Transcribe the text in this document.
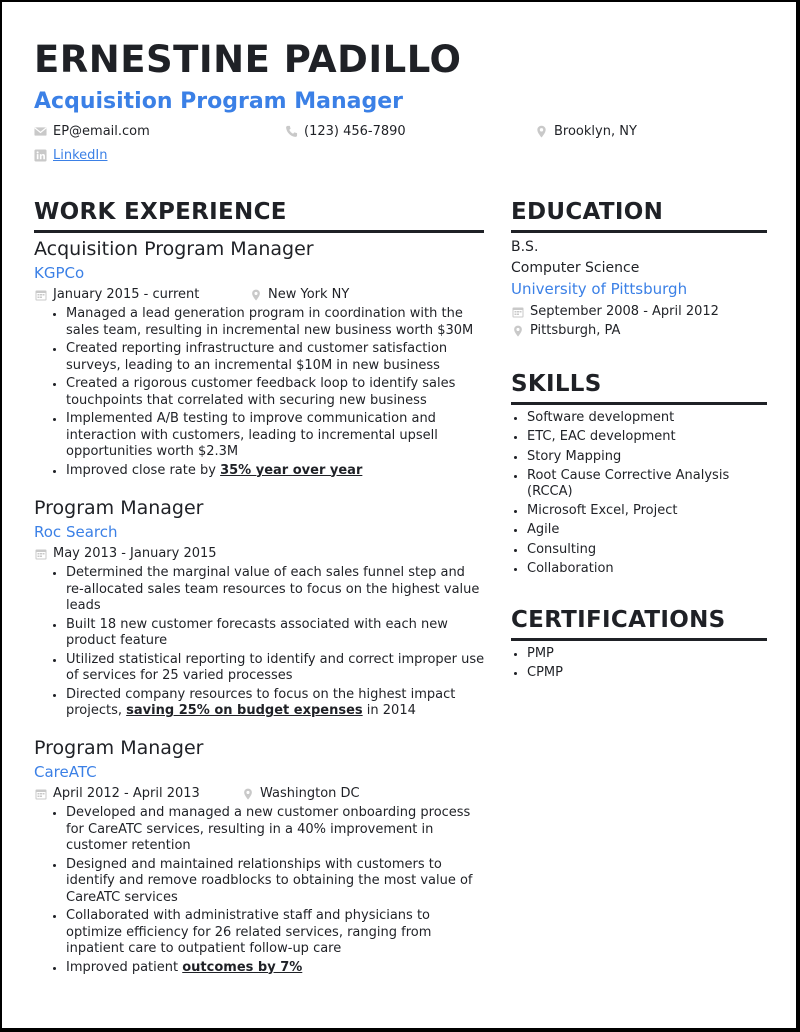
ERNESTINE PADILLO
Acquisition Program Manager
EP@email.com	(123) 456-7890	Brooklyn, NY
LinkedIn
WORK EXPERIENCE
Acquisition Program Manager
KGPCo
January 2015 - current	New York NY
• Managed a lead generation program in coordination with the sales team, resulting in incremental new business worth $30M
• Created reporting infrastructure and customer satisfaction surveys, leading to an incremental $10M in new business
• Created a rigorous customer feedback loop to identify sales touchpoints that correlated with securing new business
• Implemented A/B testing to improve communication and interaction with customers, leading to incremental upsell opportunities worth $2.3M
• Improved close rate by 35% year over year
Program Manager
Roc Search
May 2013 - January 2015
• Determined the marginal value of each sales funnel step and re-allocated sales team resources to focus on the highest value leads
• Built 18 new customer forecasts associated with each new product feature
• Utilized statistical reporting to identify and correct improper use of services for 25 varied processes
• Directed company resources to focus on the highest impact projects, saving 25% on budget expenses in 2014
Program Manager
CareATC
April 2012 - April 2013	Washington DC
• Developed and managed a new customer onboarding process for CareATC services, resulting in a 40% improvement in customer retention
• Designed and maintained relationships with customers to identify and remove roadblocks to obtaining the most value of CareATC services
• Collaborated with administrative staff and physicians to optimize efficiency for 26 related services, ranging from inpatient care to outpatient follow-up care
• Improved patient outcomes by 7%
EDUCATION
B.S.
Computer Science
University of Pittsburgh
September 2008 - April 2012
Pittsburgh, PA
SKILLS
• Software development
• ETC, EAC development
• Story Mapping
• Root Cause Corrective Analysis (RCCA)
• Microsoft Excel, Project
• Agile
• Consulting
• Collaboration
CERTIFICATIONS
• PMP
• CPMP
